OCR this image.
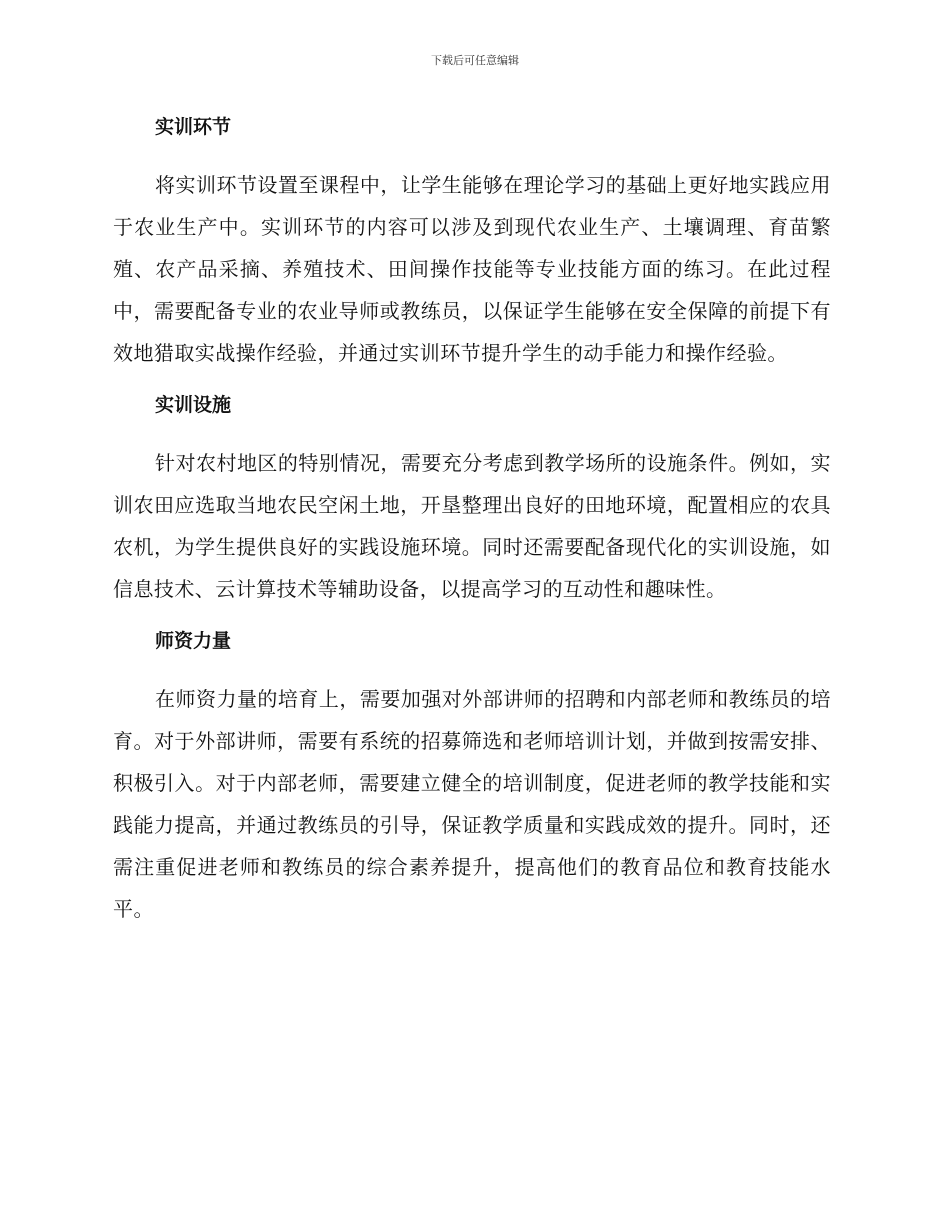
下载后可任意编辑
实训环节

将实训环节设置至课程中，让学生能够在理论学习的基础上更好地实践应用于农业生产中。实训环节的内容可以涉及到现代农业生产、土壤调理、育苗繁殖、农产品采摘、养殖技术、田间操作技能等专业技能方面的练习。在此过程中，需要配备专业的农业导师或教练员，以保证学生能够在安全保障的前提下有效地猎取实战操作经验，并通过实训环节提升学生的动手能力和操作经验。

实训设施

针对农村地区的特别情况，需要充分考虑到教学场所的设施条件。例如，实训农田应选取当地农民空闲土地，开垦整理出良好的田地环境，配置相应的农具农机，为学生提供良好的实践设施环境。同时还需要配备现代化的实训设施，如信息技术、云计算技术等辅助设备，以提高学习的互动性和趣味性。

师资力量

在师资力量的培育上，需要加强对外部讲师的招聘和内部老师和教练员的培育。对于外部讲师，需要有系统的招募筛选和老师培训计划，并做到按需安排、积极引入。对于内部老师，需要建立健全的培训制度，促进老师的教学技能和实践能力提高，并通过教练员的引导，保证教学质量和实践成效的提升。同时，还需注重促进老师和教练员的综合素养提升，提高他们的教育品位和教育技能水平。
